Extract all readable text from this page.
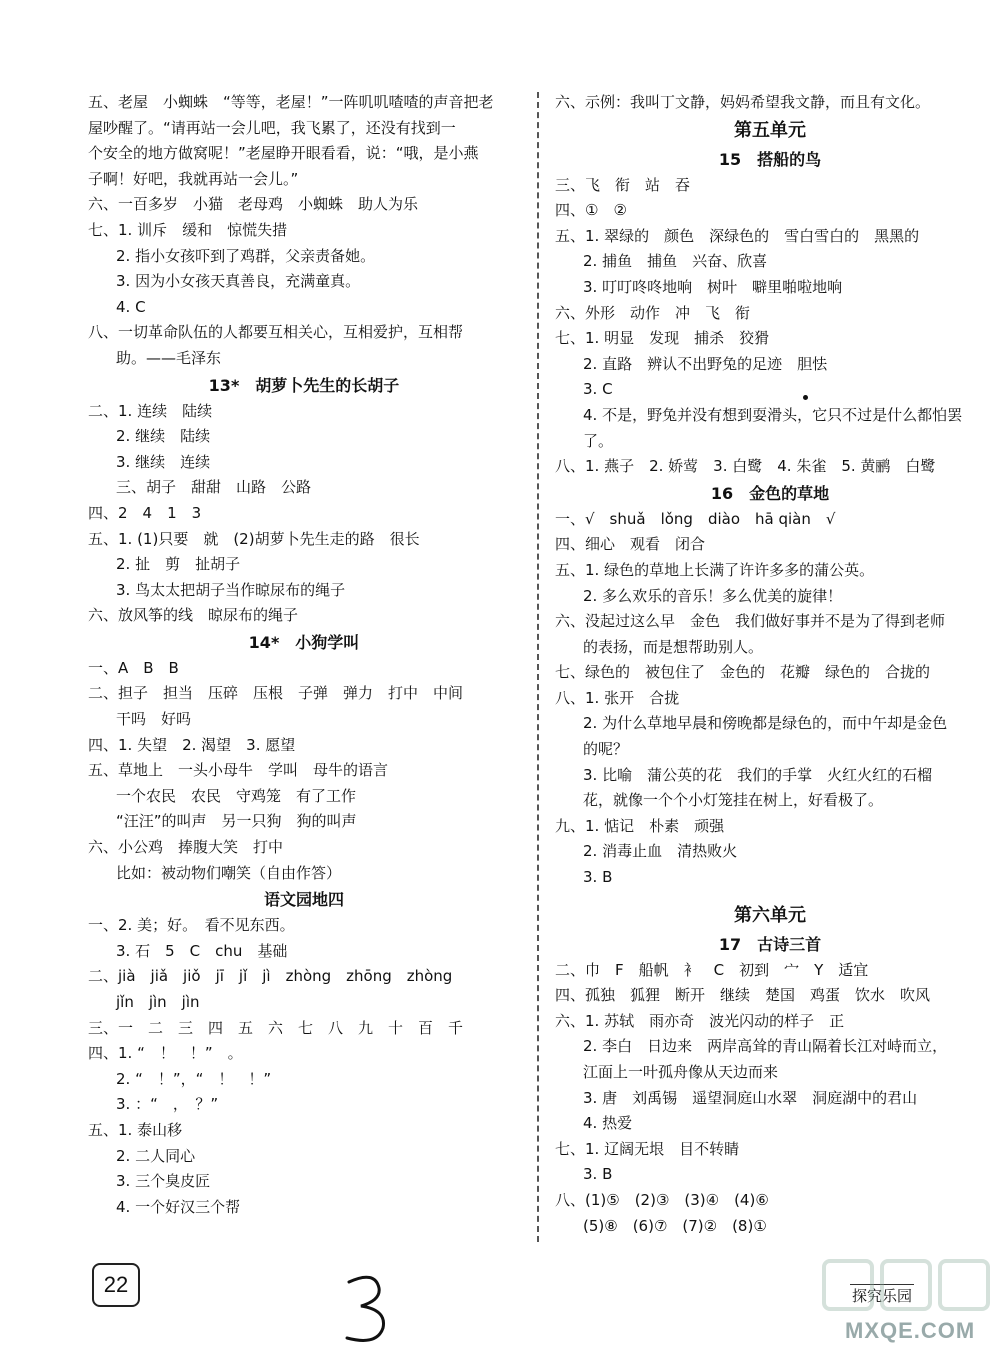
五、老屋　小蜘蛛　“等等，老屋！”一阵叽叽喳喳的声音把老
屋吵醒了。“请再站一会儿吧，我飞累了，还没有找到一
个安全的地方做窝呢！”老屋睁开眼看看，说：“哦，是小燕
子啊！好吧，我就再站一会儿。”
六、一百多岁　小猫　老母鸡　小蜘蛛　助人为乐
七、1. 训斥　缓和　惊慌失措
2. 指小女孩吓到了鸡群，父亲责备她。
3. 因为小女孩天真善良，充满童真。
4. C
八、一切革命队伍的人都要互相关心，互相爱护，互相帮
助。——毛泽东
13*　胡萝卜先生的长胡子
二、1. 连续　陆续
2. 继续　陆续
3. 继续　连续
三、胡子　甜甜　山路　公路
四、2　4　1　3
五、1. (1)只要　就　(2)胡萝卜先生走的路　很长
2. 扯　剪　扯胡子
3. 鸟太太把胡子当作晾尿布的绳子
六、放风筝的线　晾尿布的绳子
14*　小狗学叫
一、A　B　B
二、担子　担当　压碎　压根　子弹　弹力　打中　中间
干吗　好吗
四、1. 失望　2. 渴望　3. 愿望
五、草地上　一头小母牛　学叫　母牛的语言
一个农民　农民　守鸡笼　有了工作
“汪汪”的叫声　另一只狗　狗的叫声
六、小公鸡　捧腹大笑　打中
比如：被动物们嘲笑（自由作答）
语文园地四
一、2. 美；好。　看不见东西。
3. 石　5　C　chu　基础
二、jià　jiǎ　jiǒ　jī　jǐ　jì　zhòng　zhōng　zhòng
jǐn　jìn　jìn
三、一　二　三　四　五　六　七　八　九　十　百　千
四、1. “　！　！”　。
2. “　！”，“　！　！”
3. ：“　，　？”
五、1. 泰山移
2. 二人同心
3. 三个臭皮匠
4. 一个好汉三个帮
六、示例：我叫丁文静，妈妈希望我文静，而且有文化。
第五单元
15　搭船的鸟
三、飞　衔　站　吞
四、①　②
五、1. 翠绿的　颜色　深绿色的　雪白雪白的　黑黑的
2. 捕鱼　捕鱼　兴奋、欣喜
3. 叮叮咚咚地响　树叶　噼里啪啦地响
六、外形　动作　冲　飞　衔
七、1. 明显　发现　捕杀　狡猾
2. 直路　辨认不出野兔的足迹　胆怯
3. C
4. 不是，野兔并没有想到耍滑头，它只不过是什么都怕罢
了。
八、1. 燕子　2. 娇莺　3. 白鹭　4. 朱雀　5. 黄鹂　白鹭
16　金色的草地
一、√　shuǎ　lǒng　diào　hā qiàn　√
四、细心　观看　闭合
五、1. 绿色的草地上长满了许许多多的蒲公英。
2. 多么欢乐的音乐！多么优美的旋律！
六、没起过这么早　金色　我们做好事并不是为了得到老师
的表扬，而是想帮助别人。
七、绿色的　被包住了　金色的　花瓣　绿色的　合拢的
八、1. 张开　合拢
2. 为什么草地早晨和傍晚都是绿色的，而中午却是金色
的呢？
3. 比喻　蒲公英的花　我们的手掌　火红火红的石榴
花，就像一个个小灯笼挂在树上，好看极了。
九、1. 惦记　朴素　顽强
2. 消毒止血　清热败火
3. B
第六单元
17　古诗三首
二、巾　F　船帆　衤　C　初到　宀　Y　适宜
四、孤独　狐狸　断开　继续　楚国　鸡蛋　饮水　吹风
六、1. 苏轼　雨亦奇　波光闪动的样子　正
2. 李白　日边来　两岸高耸的青山隔着长江对峙而立，
江面上一叶孤舟像从天边而来
3. 唐　刘禹锡　遥望洞庭山水翠　洞庭湖中的君山
4. 热爱
七、1. 辽阔无垠　目不转睛
3. B
八、(1)⑤　(2)③　(3)④　(4)⑥
(5)⑧　(6)⑦　(7)②　(8)①
22	探究乐园
MXQE.COM
